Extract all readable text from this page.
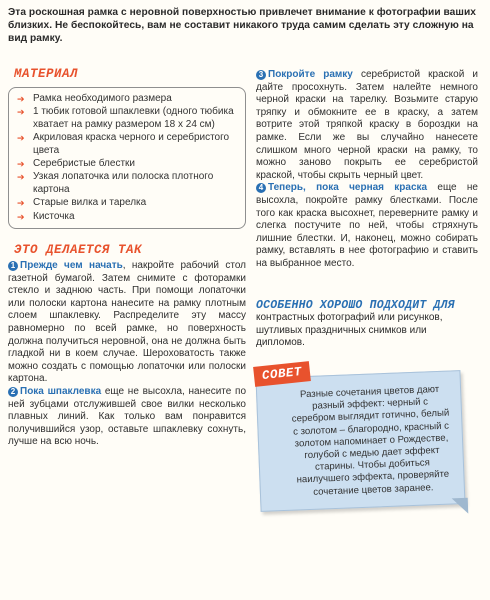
Эта роскошная рамка с неровной поверхностью привлечет внимание к фотографии ваших близких. Не беспокойтесь, вам не составит никакого труда самим сделать эту сложную на вид рамку.

МАТЕРИАЛ
➔ Рамка необходимого размера
➔ 1 тюбик готовой шпаклевки (одного тюбика хватает на рамку размером 18 х 24 см)
➔ Акриловая краска черного и серебристого цвета
➔ Серебристые блестки
➔ Узкая лопаточка или полоска плотного картона
➔ Старые вилка и тарелка
➔ Кисточка
ЭТО ДЕЛАЕТСЯ ТАК

1 Прежде чем начать, накройте рабочий стол газетной бумагой. Затем снимите с фоторамки стекло и заднюю часть. При помощи лопаточки или полоски картона нанесите на рамку плотным слоем шпаклевку. Распределите эту массу равномерно по всей рамке, но поверхность должна получиться неровной, она не должна быть гладкой ни в коем случае. Шероховатость также можно создать с помощью лопаточки или полоски картона.

2 Пока шпаклевка еще не высохла, нанесите по ней зубцами отслужившей свое вилки несколько плавных линий. Как только вам понравится получившийся узор, оставьте шпаклевку сохнуть, лучше на всю ночь.

3 Покройте рамку серебристой краской и дайте просохнуть. Затем налейте немного черной краски на тарелку. Возьмите старую тряпку и обмокните ее в краску, а затем вотрите этой тряпкой краску в бороздки на рамке. Если же вы случайно нанесете слишком много черной краски на рамку, то можно заново покрыть ее серебристой краской, чтобы скрыть черный цвет.

4 Теперь, пока черная краска еще не высохла, покройте рамку блестками. После того как краска высохнет, переверните рамку и слегка постучите по ней, чтобы стряхнуть лишние блестки. И, наконец, можно собирать рамку, вставлять в нее фотографию и ставить на выбранное место.

ОСОБЕННО ХОРОШО ПОДХОДИТ ДЛЯ контрастных фотографий или рисунков, шутливых праздничных снимков или дипломов.

Разные сочетания цветов дают разный эффект: черный с серебром выглядит готично, белый с золотом – благородно, красный с золотом напоминает о Рождестве, голубой с медью дает эффект старины. Чтобы добиться наилучшего эффекта, проверяйте сочетание цветов заранее.

СОВЕТ
